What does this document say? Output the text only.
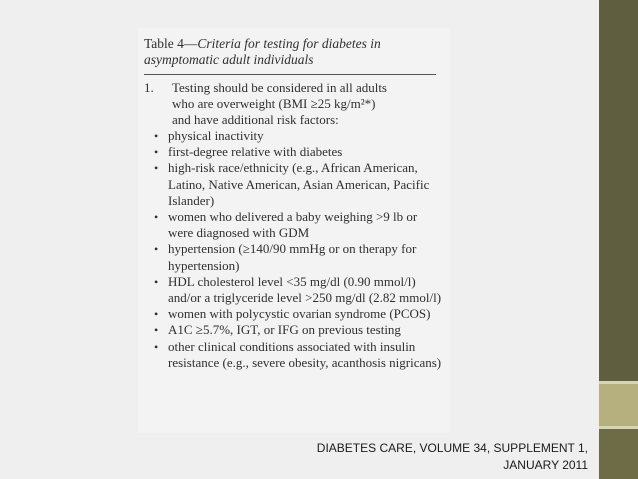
Table 4—Criteria for testing for diabetes in asymptomatic adult individuals
1. Testing should be considered in all adults
who are overweight (BMI ≥25 kg/m²*)
and have additional risk factors:
• physical inactivity
• first-degree relative with diabetes
• high-risk race/ethnicity (e.g., African American, Latino, Native American, Asian American, Pacific Islander)
• women who delivered a baby weighing >9 lb or were diagnosed with GDM
• hypertension (≥140/90 mmHg or on therapy for hypertension)
• HDL cholesterol level <35 mg/dl (0.90 mmol/l) and/or a triglyceride level >250 mg/dl (2.82 mmol/l)
• women with polycystic ovarian syndrome (PCOS)
• A1C ≥5.7%, IGT, or IFG on previous testing
• other clinical conditions associated with insulin resistance (e.g., severe obesity, acanthosis nigricans)
DIABETES CARE, VOLUME 34, SUPPLEMENT 1,
JANUARY 2011
